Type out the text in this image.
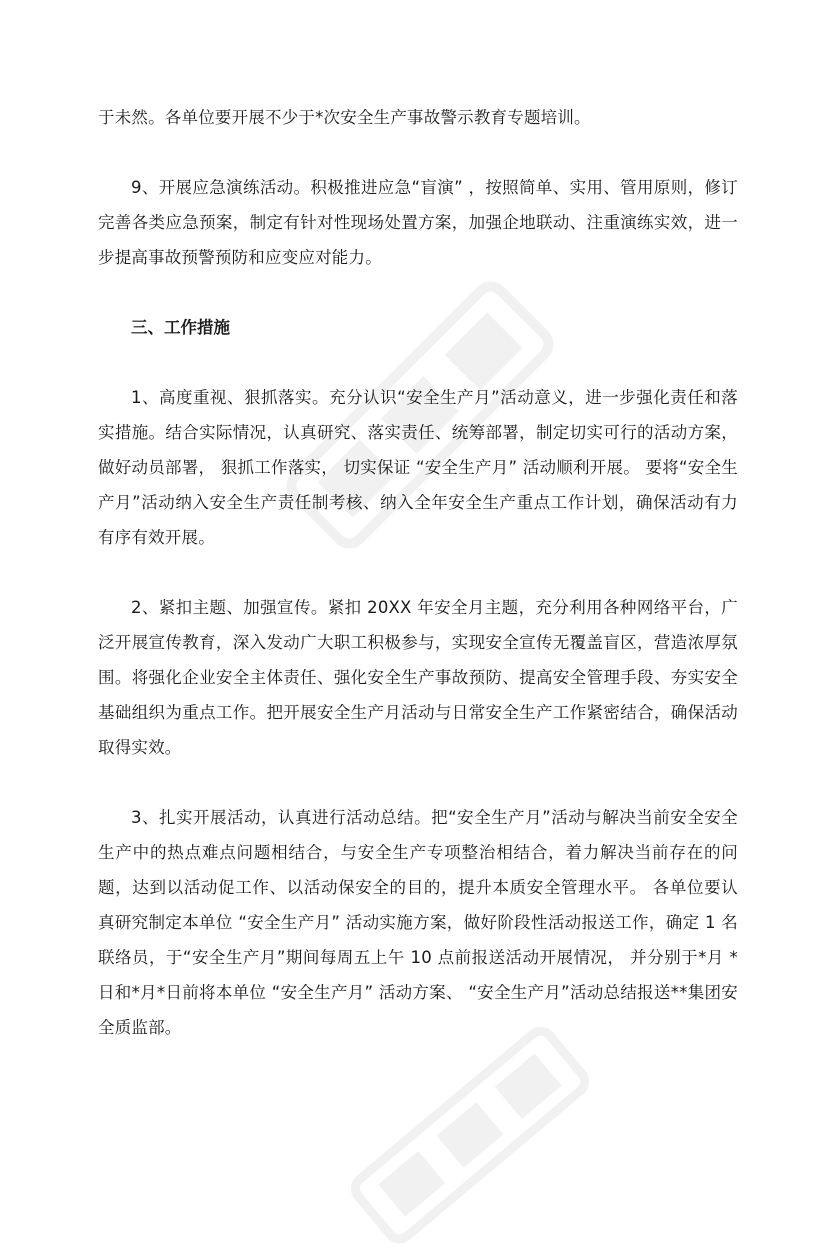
于未然。各单位要开展不少于*次安全生产事故警示教育专题培训。

9、开展应急演练活动。积极推进应急“盲演” ，按照简单、实用、管用原则，修订完善各类应急预案，制定有针对性现场处置方案，加强企地联动、注重演练实效，进一步提高事故预警预防和应变应对能力。

三、工作措施

1、高度重视、狠抓落实。充分认识“安全生产月”活动意义，进一步强化责任和落实措施。结合实际情况，认真研究、落实责任、统筹部署，制定切实可行的活动方案，做好动员部署， 狠抓工作落实， 切实保证 “安全生产月” 活动顺利开展。 要将“安全生产月”活动纳入安全生产责任制考核、纳入全年安全生产重点工作计划，确保活动有力有序有效开展。

2、紧扣主题、加强宣传。紧扣 20XX 年安全月主题，充分利用各种网络平台，广泛开展宣传教育，深入发动广大职工积极参与，实现安全宣传无覆盖盲区，营造浓厚氛围。将强化企业安全主体责任、强化安全生产事故预防、提高安全管理手段、夯实安全基础组织为重点工作。把开展安全生产月活动与日常安全生产工作紧密结合，确保活动取得实效。

3、扎实开展活动，认真进行活动总结。把“安全生产月”活动与解决当前安全安全生产中的热点难点问题相结合，与安全生产专项整治相结合，着力解决当前存在的问题，达到以活动促工作、以活动保安全的目的，提升本质安全管理水平。 各单位要认真研究制定本单位 “安全生产月” 活动实施方案，做好阶段性活动报送工作，确定 1 名联络员，于“安全生产月”期间每周五上午 10 点前报送活动开展情况， 并分别于*月 *日和*月*日前将本单位 “安全生产月” 活动方案、 “安全生产月”活动总结报送**集团安全质监部。
